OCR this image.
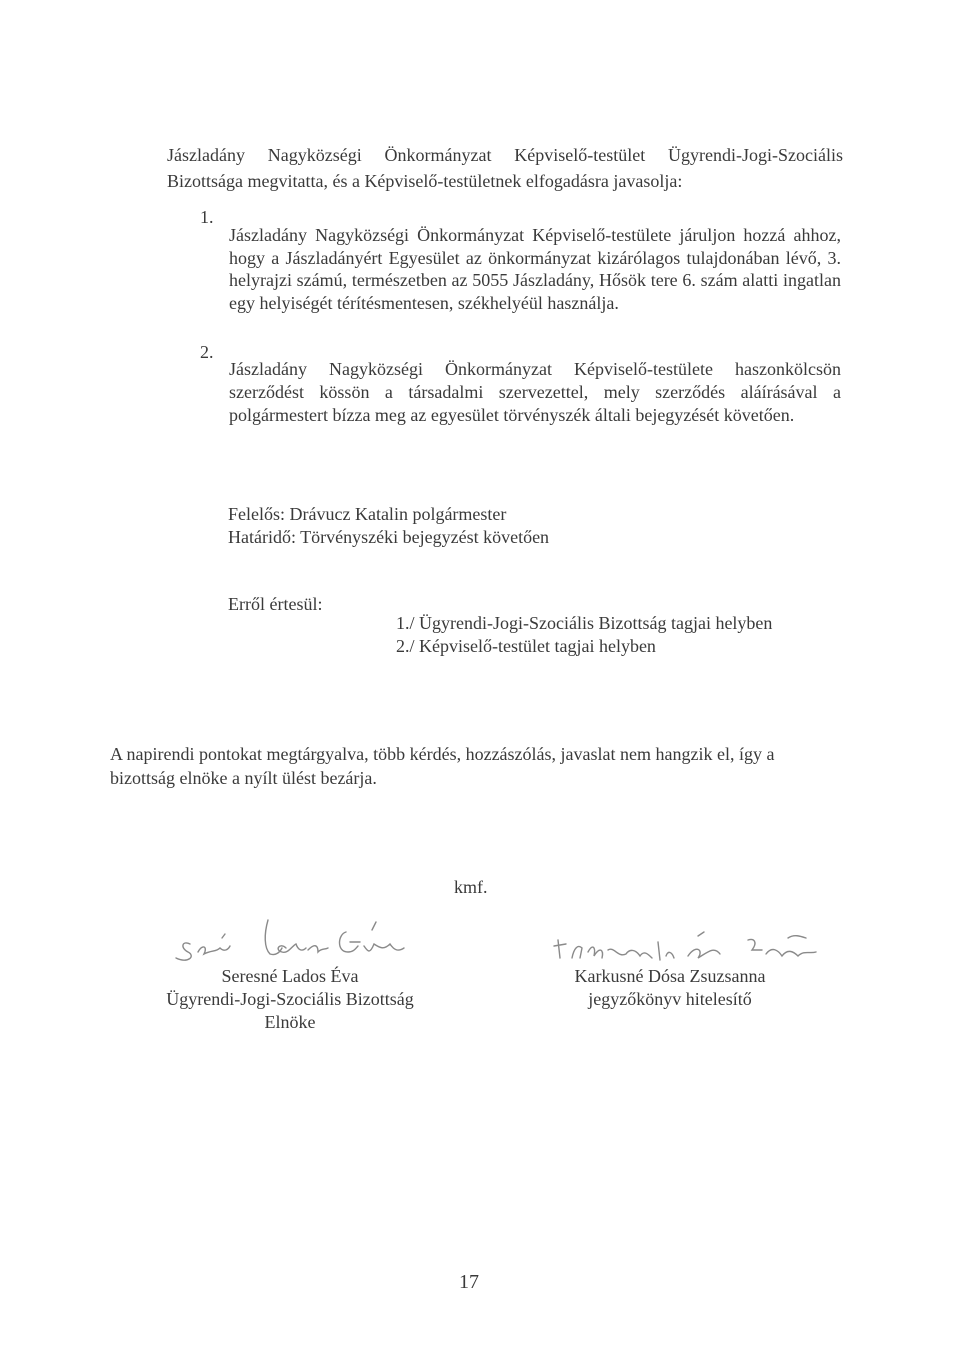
Jászladány Nagyközségi Önkormányzat Képviselő-testület Ügyrendi-Jogi-Szociális Bizottsága megvitatta, és a Képviselő-testületnek elfogadásra javasolja:

1.

Jászladány Nagyközségi Önkormányzat Képviselő-testülete járuljon hozzá ahhoz, hogy a Jászladányért Egyesület az önkormányzat kizárólagos tulajdonában lévő, 3. helyrajzi számú, természetben az 5055 Jászladány, Hősök tere 6. szám alatti ingatlan egy helyiségét térítésmentesen, székhelyéül használja.

2.

Jászladány Nagyközségi Önkormányzat Képviselő-testülete haszonkölcsön szerződést kössön a társadalmi szervezettel, mely szerződés aláírásával a polgármestert bízza meg az egyesület törvényszék általi bejegyzését követően.

Felelős: Drávucz Katalin polgármester
Határidő: Törvényszéki bejegyzést követően
Erről értesül:
1./ Ügyrendi-Jogi-Szociális Bizottság tagjai helyben
2./ Képviselő-testület tagjai helyben

A napirendi pontokat megtárgyalva, több kérdés, hozzászólás, javaslat nem hangzik el, így a bizottság elnöke a nyílt ülést bezárja.

kmf.
Seresné Lados Éva
Ügyrendi-Jogi-Szociális Bizottság
Elnöke
Karkusné Dósa Zsuzsanna
jegyzőkönyv hitelesítő
17
